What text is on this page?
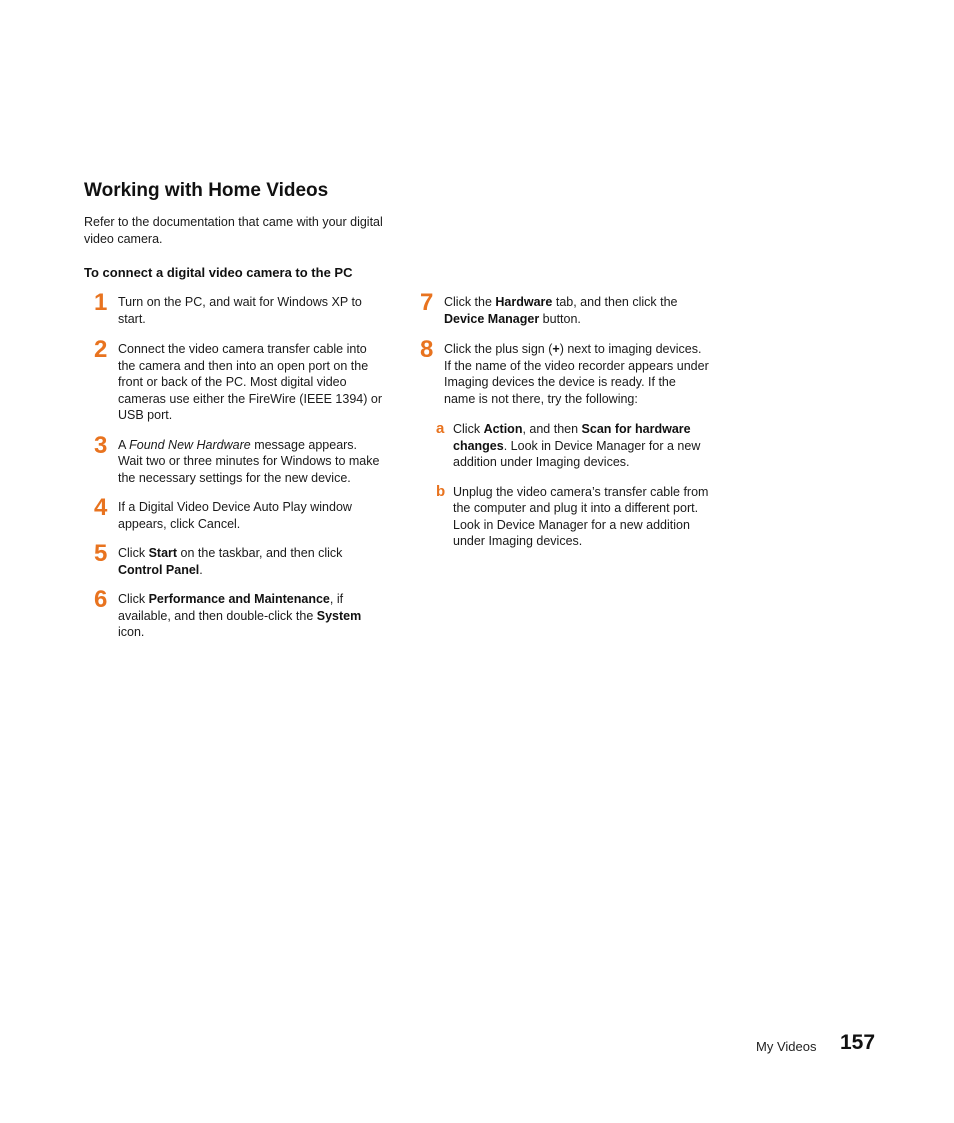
Working with Home Videos

Refer to the documentation that came with your digital video camera.

To connect a digital video camera to the PC
1 Turn on the PC, and wait for Windows XP to start.
2 Connect the video camera transfer cable into the camera and then into an open port on the front or back of the PC. Most digital video cameras use either the FireWire (IEEE 1394) or USB port.
3 A Found New Hardware message appears. Wait two or three minutes for Windows to make the necessary settings for the new device.
4 If a Digital Video Device Auto Play window appears, click Cancel.
5 Click Start on the taskbar, and then click Control Panel.
6 Click Performance and Maintenance, if available, and then double-click the System icon.
7 Click the Hardware tab, and then click the Device Manager button.
8 Click the plus sign (+) next to imaging devices. If the name of the video recorder appears under Imaging devices the device is ready. If the name is not there, try the following:
a Click Action, and then Scan for hardware changes. Look in Device Manager for a new addition under Imaging devices.
b Unplug the video camera’s transfer cable from the computer and plug it into a different port. Look in Device Manager for a new addition under Imaging devices.
My Videos 157
